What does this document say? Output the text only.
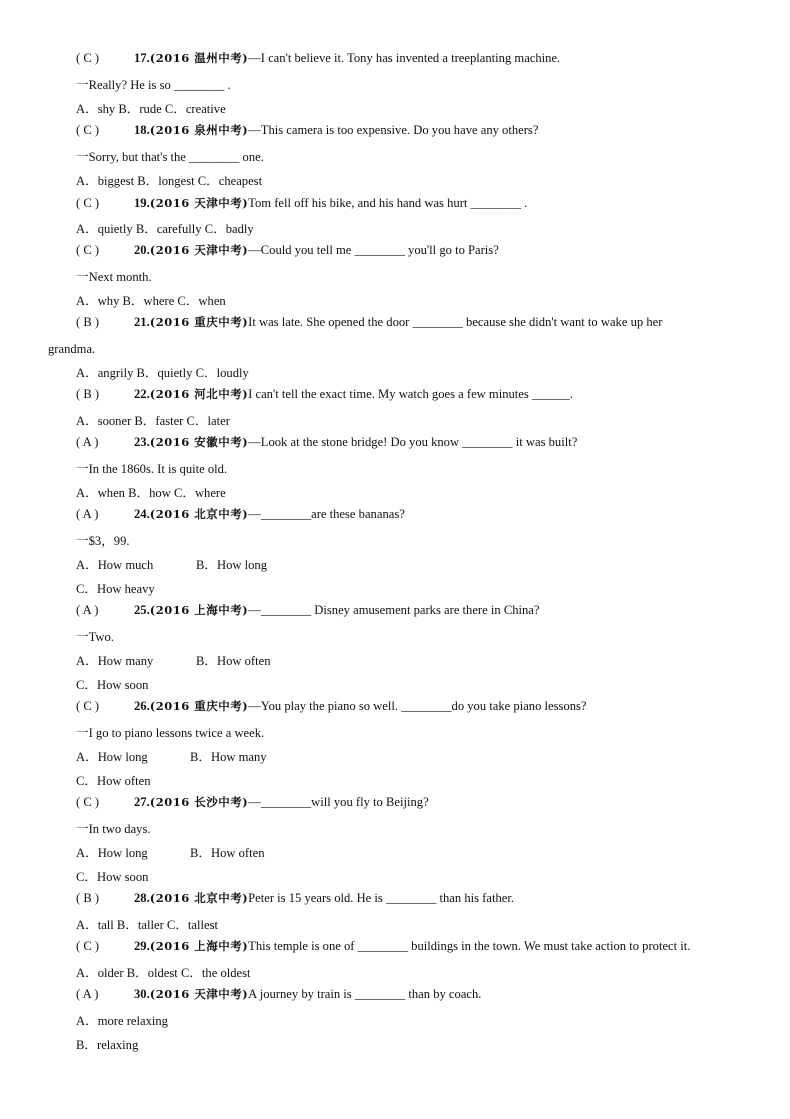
( C )	17.(2016 温州中考)—I can't believe it. Tony has invented a treeplanting machine.
一Really? He is so ________ .
A．shy B．rude C．creative
( C )	18.(2016 泉州中考)—This camera is too expensive. Do you have any others?
一Sorry, but that's the ________ one.
A．biggest B．longest C．cheapest
( C )	19.(2016 天津中考)Tom fell off his bike, and his hand was hurt ________ .
A．quietly B．carefully C．badly
( C )	20.(2016 天津中考)—Could you tell me ________ you'll go to Paris?
一Next month.
A．why B．where C．when
( B )	21.(2016 重庆中考)It was late. She opened the door ________ because she didn't want to wake up her
grandma.
A．angrily B．quietly C．loudly
( B )	22.(2016 河北中考)I can't tell the exact time. My watch goes a few minutes ______.
A．sooner B．faster C．later
( A )	23.(2016 安徽中考)—Look at the stone bridge! Do you know ________ it was built?
一In the 1860s. It is quite old.
A．when B．how C．where
( A )	24.(2016 北京中考)—________are these bananas?
一$3，99.
A．How much	B．How long
C．How heavy
( A )	25.(2016 上海中考)—________ Disney amusement parks are there in China?
一Two.
A．How many	B．How often
C．How soon
( C )	26.(2016 重庆中考)—You play the piano so well. ________do you take piano lessons?
一I go to piano lessons twice a week.
A．How long	B．How many
C．How often
( C )	27.(2016 长沙中考)—________will you fly to Beijing?
一In two days.
A．How long	B．How often
C．How soon
( B )	28.(2016 北京中考)Peter is 15 years old. He is ________ than his father.
A．tall B．taller C．tallest
( C )	29.(2016 上海中考)This temple is one of ________ buildings in the town. We must take action to protect it.
A．older B．oldest C．the oldest
( A )	30.(2016 天津中考)A journey by train is ________ than by coach.
A．more relaxing
B．relaxing
